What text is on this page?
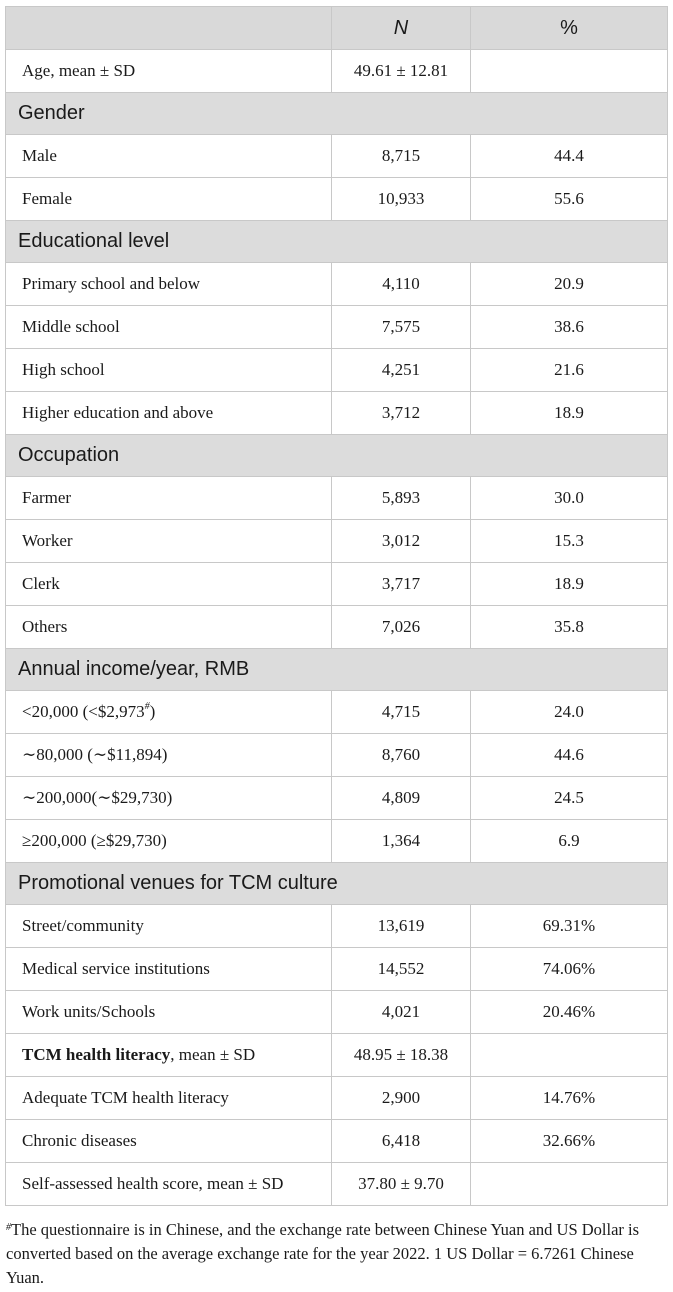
	N	%
Age, mean ± SD	49.61 ± 12.81	
Gender		
Male	8,715	44.4
Female	10,933	55.6
Educational level		
Primary school and below	4,110	20.9
Middle school	7,575	38.6
High school	4,251	21.6
Higher education and above	3,712	18.9
Occupation		
Farmer	5,893	30.0
Worker	3,012	15.3
Clerk	3,717	18.9
Others	7,026	35.8
Annual income/year, RMB		
<20,000 (<$2,973#)	4,715	24.0
∼80,000 (∼$11,894)	8,760	44.6
∼200,000(∼$29,730)	4,809	24.5
≥200,000 (≥$29,730)	1,364	6.9
Promotional venues for TCM culture		
Street/community	13,619	69.31%
Medical service institutions	14,552	74.06%
Work units/Schools	4,021	20.46%
TCM health literacy, mean ± SD	48.95 ± 18.38	
Adequate TCM health literacy	2,900	14.76%
Chronic diseases	6,418	32.66%
Self-assessed health score, mean ± SD	37.80 ± 9.70	
#The questionnaire is in Chinese, and the exchange rate between Chinese Yuan and US Dollar is converted based on the average exchange rate for the year 2022. 1 US Dollar = 6.7261 Chinese Yuan.
